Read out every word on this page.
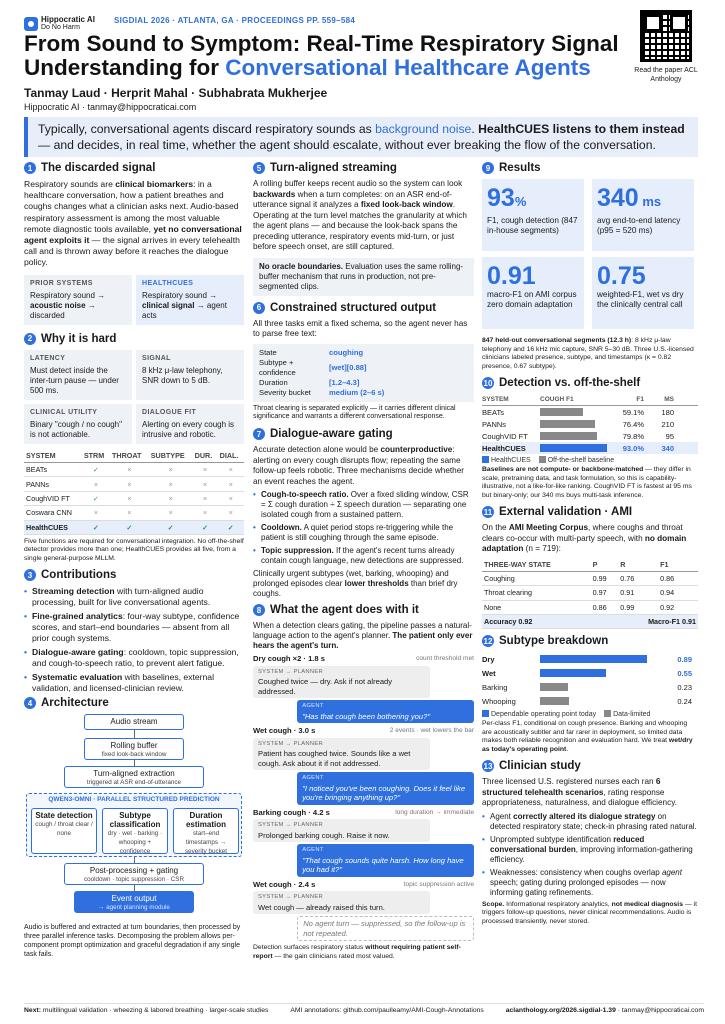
Hippocratic AI
Do No Harm
SIGDIAL 2026 · ATLANTA, GA · PROCEEDINGS PP. 559–584
From Sound to Symptom: Real-Time Respiratory Signal Understanding for Conversational Healthcare Agents
Tanmay Laud · Herprit Mahal · Subhabrata Mukherjee
Hippocratic AI · tanmay@hippocraticai.com
Read the paper ACL Anthology
Typically, conversational agents discard respiratory sounds as background noise. HealthCUES listens to them instead — and decides, in real time, whether the agent should escalate, without ever breaking the flow of the conversation.
1 The discarded signal
Respiratory sounds are clinical biomarkers: in a healthcare conversation, how a patient breathes and coughs changes what a clinician asks next. Audio-based respiratory assessment is among the most valuable remote diagnostic tools available, yet no conversational agent exploits it — the signal arrives in every telehealth call and is thrown away before it reaches the dialogue policy.
PRIOR SYSTEMS
Respiratory sound → acoustic noise → discarded
HEALTHCUES
Respiratory sound → clinical signal → agent acts
2 Why it is hard
LATENCY
Must detect inside the inter-turn pause — under 500 ms.
SIGNAL
8 kHz μ-law telephony, SNR down to 5 dB.
CLINICAL UTILITY
Binary "cough / no cough" is not actionable.
DIALOGUE FIT
Alerting on every cough is intrusive and robotic.
SYSTEM	STRM	THROAT	SUBTYPE	DUR.	DIAL.
BEATs	✓	×	×	×	×
PANNs	×	×	×	×	×
CoughVID FT	✓	×	×	×	×
Coswara CNN	×	×	×	×	×
HealthCUES	✓	✓	✓	✓	✓
Five functions are required for conversational integration. No off-the-shelf detector provides more than one; HealthCUES provides all five, from a single general-purpose MLLM.
3 Contributions
• Streaming detection with turn-aligned audio processing, built for live conversational agents.
• Fine-grained analytics: four-way subtype, confidence scores, and start–end boundaries — absent from all prior cough systems.
• Dialogue-aware gating: cooldown, topic suppression, and cough-to-speech ratio, to prevent alert fatigue.
• Systematic evaluation with baselines, external validation, and licensed-clinician review.
4 Architecture
Audio stream
Rolling buffer
fixed look-back window
Turn-aligned extraction
triggered at ASR end-of-utterance
QWEN3-OMNI · PARALLEL STRUCTURED PREDICTION
State detection
cough / throat clear / none
Subtype classification
dry · wet · barking · whooping + confidence
Duration estimation
start–end timestamps → severity bucket
Post-processing + gating
cooldown · topic suppression · CSR
Event output
→ agent planning module
Audio is buffered and extracted at turn boundaries, then processed by three parallel inference tasks. Decomposing the problem allows per-component prompt optimization and graceful degradation if any single task fails.
5 Turn-aligned streaming
A rolling buffer keeps recent audio so the system can look backwards when a turn completes: on an ASR end-of-utterance signal it analyzes a fixed look-back window. Operating at the turn level matches the granularity at which the agent plans — and because the look-back spans the preceding utterance, respiratory events mid-turn, or just before speech onset, are still captured.
No oracle boundaries. Evaluation uses the same rolling-buffer mechanism that runs in production, not pre-segmented clips.
6 Constrained structured output
All three tasks emit a fixed schema, so the agent never has to parse free text:
State	coughing
Subtype + confidence	[wet][0.88]
Duration	[1.2–4.3]
Severity bucket	medium (2–6 s)
Throat clearing is separated explicitly — it carries different clinical significance and warrants a different conversational response.
7 Dialogue-aware gating
Accurate detection alone would be counterproductive: alerting on every cough disrupts flow; repeating the same follow-up feels robotic. Three mechanisms decide whether an event reaches the agent.
• Cough-to-speech ratio. Over a fixed sliding window, CSR = Σ cough duration ÷ Σ speech duration — separating one isolated cough from a sustained pattern.
• Cooldown. A quiet period stops re-triggering while the patient is still coughing through the same episode.
• Topic suppression. If the agent's recent turns already contain cough language, new detections are suppressed.
Clinically urgent subtypes (wet, barking, whooping) and prolonged episodes clear lower thresholds than brief dry coughs.
8 What the agent does with it
When a detection clears gating, the pipeline passes a natural-language action to the agent's planner. The patient only ever hears the agent's turn.
Dry cough ×2 · 1.8 s	count threshold met
SYSTEM → PLANNER
Coughed twice — dry. Ask if not already addressed.
AGENT
"Has that cough been bothering you?"
Wet cough · 3.0 s	2 events · wet lowers the bar
SYSTEM → PLANNER
Patient has coughed twice. Sounds like a wet cough. Ask about it if not addressed.
AGENT
"I noticed you've been coughing. Does it feel like you're bringing anything up?"
Barking cough · 4.2 s	long duration → immediate
SYSTEM → PLANNER
Prolonged barking cough. Raise it now.
AGENT
"That cough sounds quite harsh. How long have you had it?"
Wet cough · 2.4 s	topic suppression active
SYSTEM → PLANNER
Wet cough — already raised this turn.
No agent turn — suppressed, so the follow-up is not repeated.
Detection surfaces respiratory status without requiring patient self-report — the gain clinicians rated most valued.
9 Results
93%
F1, cough detection (847 in-house segments)
340 ms
avg end-to-end latency (p95 = 520 ms)
0.91
macro-F1 on AMI corpus zero domain adaptation
0.75
weighted-F1, wet vs dry the clinically central call
847 held-out conversational segments (12.3 h): 8 kHz μ-law telephony and 16 kHz mic capture, SNR 5–30 dB. Three U.S.-licensed clinicians labeled presence, subtype, and timestamps (κ = 0.82 presence, 0.67 subtype).
10 Detection vs. off-the-shelf
SYSTEM	COUGH F1	F1	MS
BEATs	59.1%	180
PANNs	76.4%	210
CoughVID FT	79.8%	95
HealthCUES	93.0%	340
HealthCUES	Off-the-shelf baseline
Baselines are not compute- or backbone-matched — they differ in scale, pretraining data, and task formulation, so this is capability-illustrative, not a like-for-like ranking. CoughVID FT is fastest at 95 ms but binary-only; our 340 ms buys multi-task inference.
11 External validation · AMI
On the AMI Meeting Corpus, where coughs and throat clears co-occur with multi-party speech, with no domain adaptation (n = 719):
THREE-WAY STATE	P	R	F1
Coughing	0.99	0.76	0.86
Throat clearing	0.97	0.91	0.94
None	0.86	0.99	0.92
Accuracy 0.92		Macro-F1 0.91	
12 Subtype breakdown
Dry	0.89
Wet	0.55
Barking	0.23
Whooping	0.24
Dependable operating point today	Data-limited
Per-class F1, conditional on cough presence. Barking and whooping are acoustically subtler and far rarer in deployment, so limited data makes both reliable recognition and evaluation hard. We treat wet/dry as today's operating point.
13 Clinician study
Three licensed U.S. registered nurses each ran 6 structured telehealth scenarios, rating response appropriateness, naturalness, and dialogue efficiency.
• Agent correctly altered its dialogue strategy on detected respiratory state; check-in phrasing rated natural.
• Unprompted subtype identification reduced conversational burden, improving information-gathering efficiency.
• Weaknesses: consistency when coughs overlap agent speech; gating during prolonged episodes — now informing gating refinements.
Scope. Informational respiratory analytics, not medical diagnosis — it triggers follow-up questions, never clinical recommendations. Audio is processed transiently, never stored.
Next: multilingual validation · wheezing & labored breathing · larger-scale studies	AMI annotations: github.com/paulleamy/AMI-Cough-Annotations	aclanthology.org/2026.sigdial-1.39 · tanmay@hippocraticai.com
